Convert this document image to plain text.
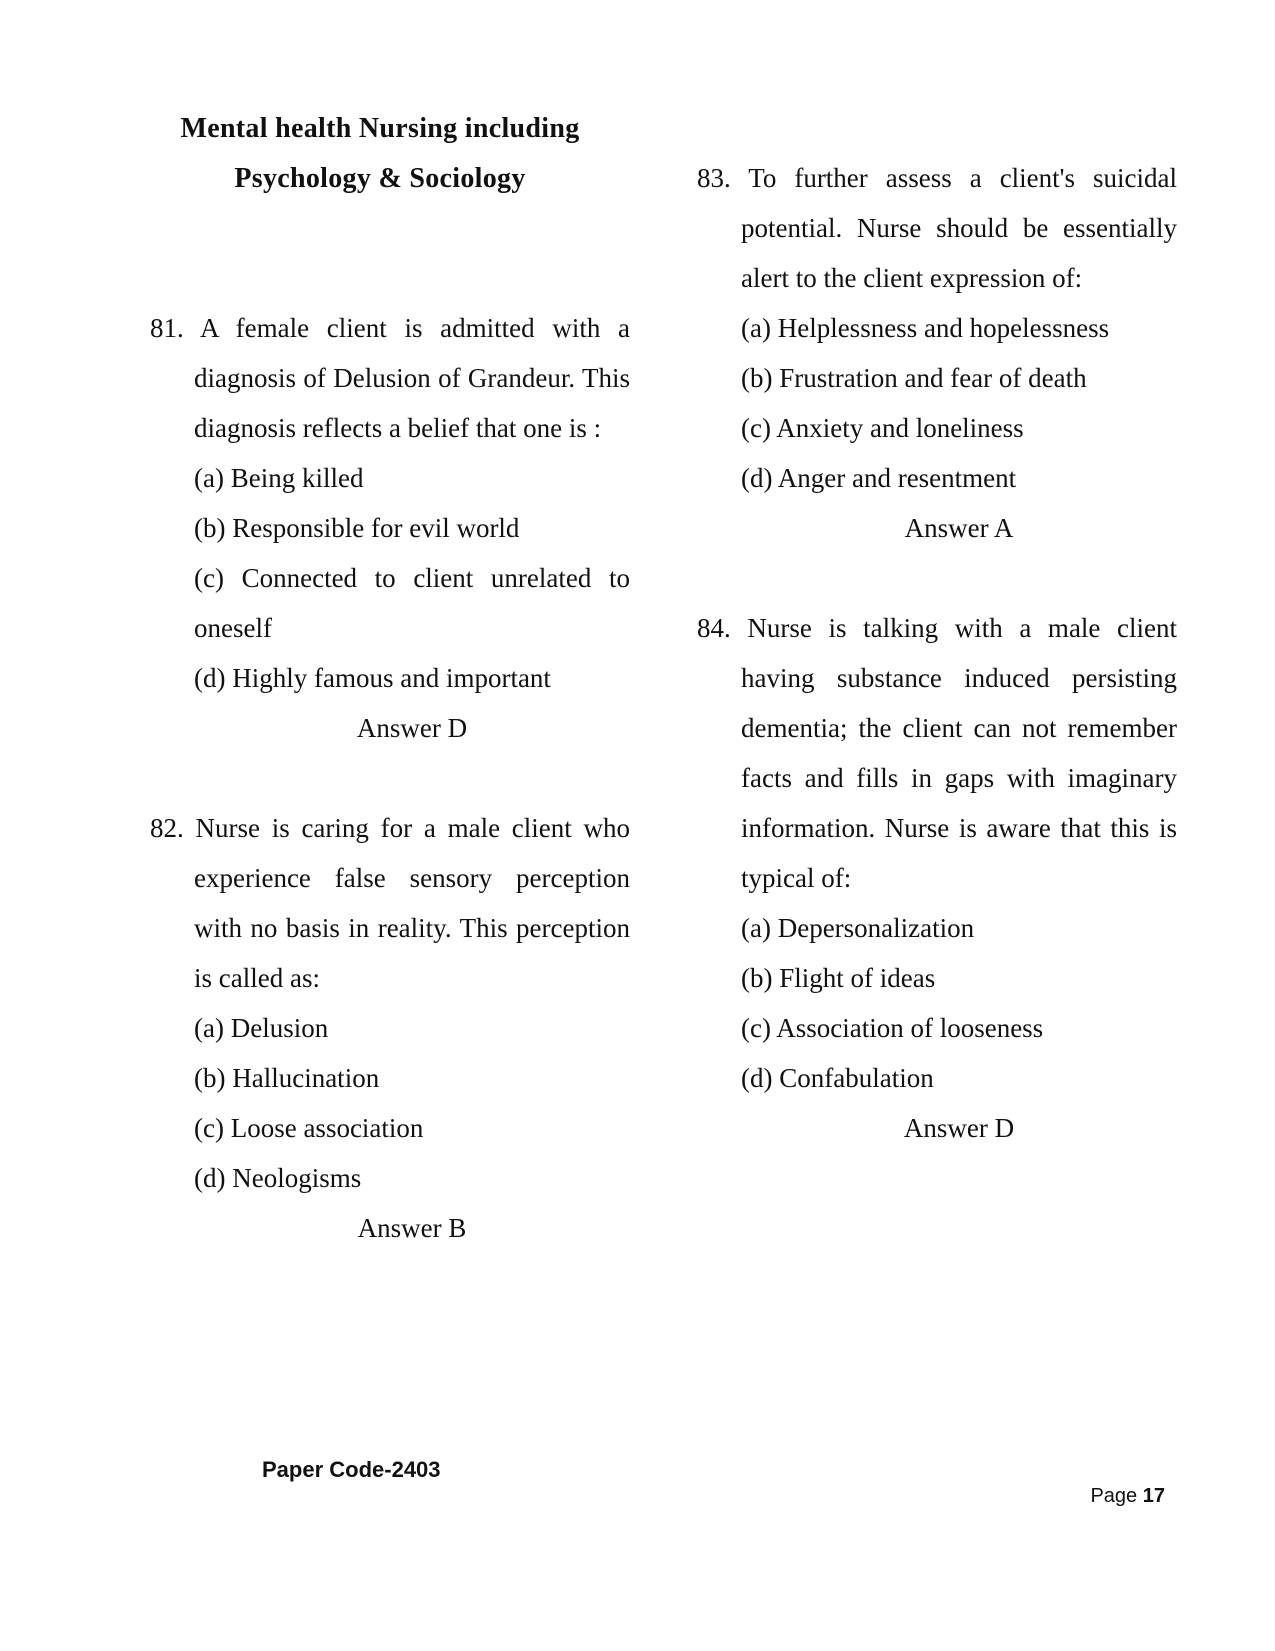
Mental health Nursing including
Psychology & Sociology
81. A female client is admitted with a diagnosis of Delusion of Grandeur. This diagnosis reflects a belief that one is :
(a) Being killed
(b) Responsible for evil world
(c) Connected to client unrelated to oneself
(d) Highly famous and important
Answer D
82. Nurse is caring for a male client who experience false sensory perception with no basis in reality. This perception is called as:
(a) Delusion
(b) Hallucination
(c) Loose association
(d) Neologisms
Answer B
83. To further assess a client's suicidal potential. Nurse should be essentially alert to the client expression of:
(a) Helplessness and hopelessness
(b) Frustration and fear of death
(c) Anxiety and loneliness
(d) Anger and resentment
Answer A
84. Nurse is talking with a male client having substance induced persisting dementia; the client can not remember facts and fills in gaps with imaginary information. Nurse is aware that this is typical of:
(a) Depersonalization
(b) Flight of ideas
(c) Association of looseness
(d) Confabulation
Answer D
Paper Code-2403
Page 17
